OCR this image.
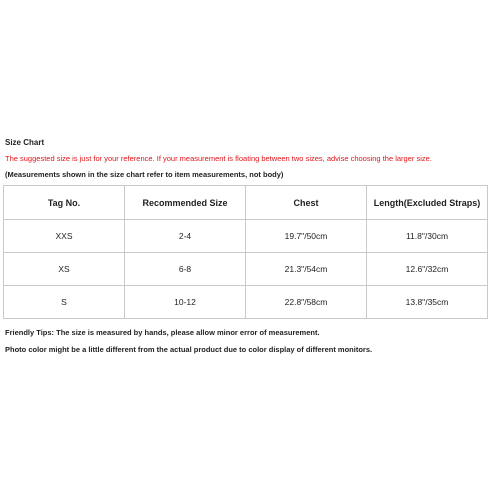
Size Chart
The suggested size is just for your reference. If your measurement is floating between two sizes, advise choosing the larger size.
(Measurements shown in the size chart refer to item measurements, not body)
Tag No.	Recommended Size	Chest	Length(Excluded Straps)
XXS	2-4	19.7"/50cm	11.8"/30cm
XS	6-8	21.3"/54cm	12.6"/32cm
S	10-12	22.8"/58cm	13.8"/35cm
Friendly Tips: The size is measured by hands, please allow minor error of measurement.
Photo color might be a little different from the actual product due to color display of different monitors.
